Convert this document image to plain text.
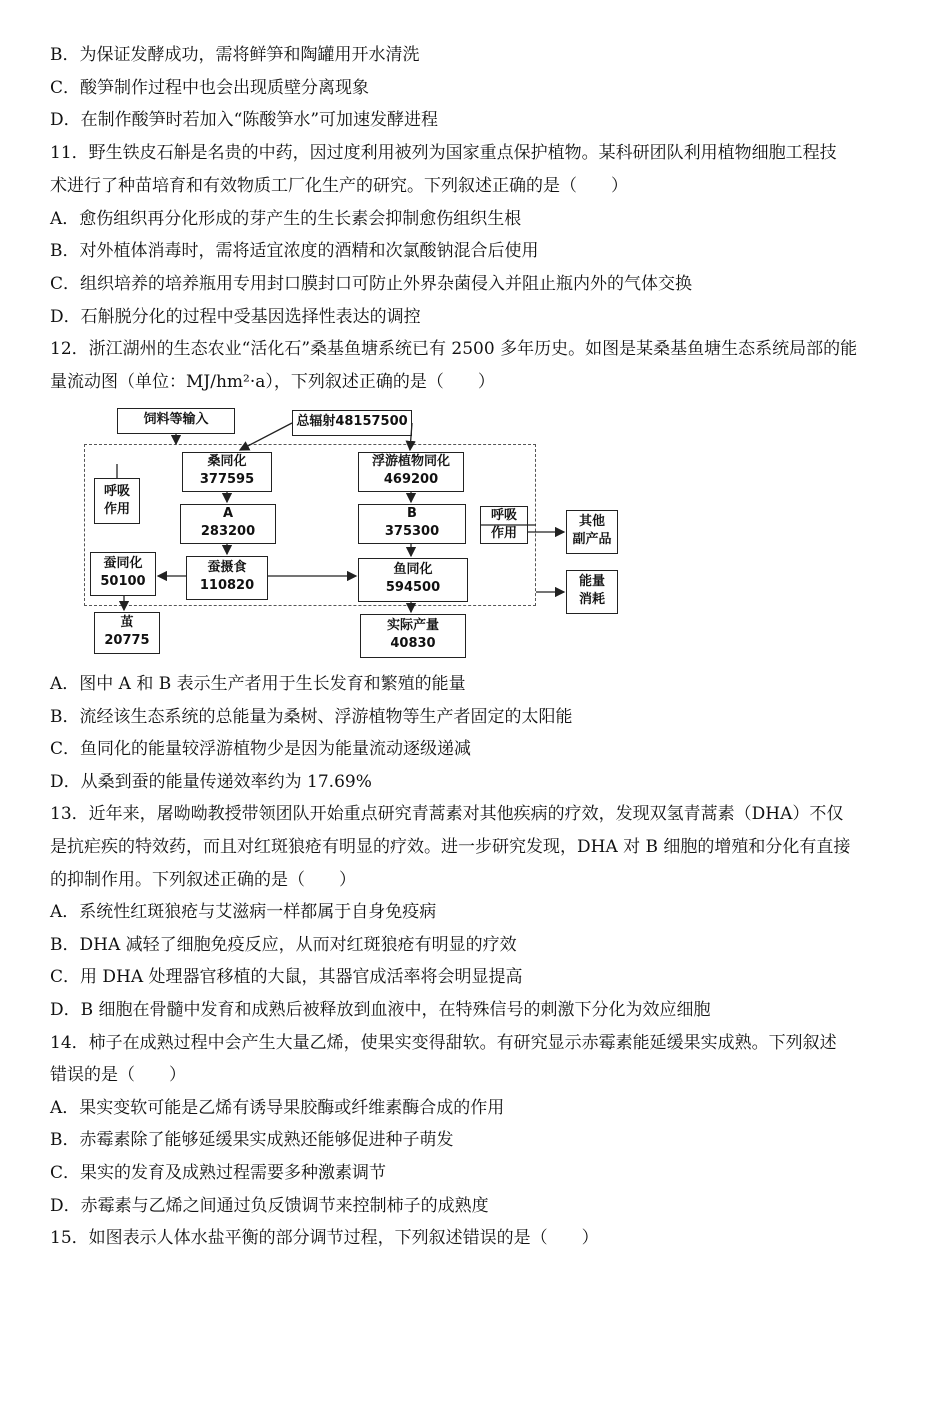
B．为保证发酵成功，需将鲜笋和陶罐用开水清洗
C．酸笋制作过程中也会出现质壁分离现象
D．在制作酸笋时若加入“陈酸笋水”可加速发酵进程
11．野生铁皮石斛是名贵的中药，因过度利用被列为国家重点保护植物。某科研团队利用植物细胞工程技
术进行了种苗培育和有效物质工厂化生产的研究。下列叙述正确的是（　　）
A．愈伤组织再分化形成的芽产生的生长素会抑制愈伤组织生根
B．对外植体消毒时，需将适宜浓度的酒精和次氯酸钠混合后使用
C．组织培养的培养瓶用专用封口膜封口可防止外界杂菌侵入并阻止瓶内外的气体交换
D．石斛脱分化的过程中受基因选择性表达的调控
12．浙江湖州的生态农业“活化石”桑基鱼塘系统已有 2500 多年历史。如图是某桑基鱼塘生态系统局部的能
量流动图（单位：MJ/hm²·a），下列叙述正确的是（　　）
饲料等输入	总辐射48157500
桑同化
377595
浮游植物同化
469200
呼吸
作用	A
283200
B
375300
呼吸
作用
其他
副产品
蚕同化
50100
蚕摄食
110820
鱼同化
594500	能量
消耗
茧
20775
实际产量
40830
A．图中 A 和 B 表示生产者用于生长发育和繁殖的能量
B．流经该生态系统的总能量为桑树、浮游植物等生产者固定的太阳能
C．鱼同化的能量较浮游植物少是因为能量流动逐级递减
D．从桑到蚕的能量传递效率约为 17.69%
13．近年来，屠呦呦教授带领团队开始重点研究青蒿素对其他疾病的疗效，发现双氢青蒿素（DHA）不仅
是抗疟疾的特效药，而且对红斑狼疮有明显的疗效。进一步研究发现，DHA 对 B 细胞的增殖和分化有直接
的抑制作用。下列叙述正确的是（　　）
A．系统性红斑狼疮与艾滋病一样都属于自身免疫病
B．DHA 减轻了细胞免疫反应，从而对红斑狼疮有明显的疗效
C．用 DHA 处理器官移植的大鼠，其器官成活率将会明显提高
D．B 细胞在骨髓中发育和成熟后被释放到血液中，在特殊信号的刺激下分化为效应细胞
14．柿子在成熟过程中会产生大量乙烯，使果实变得甜软。有研究显示赤霉素能延缓果实成熟。下列叙述
错误的是（　　）
A．果实变软可能是乙烯有诱导果胶酶或纤维素酶合成的作用
B．赤霉素除了能够延缓果实成熟还能够促进种子萌发
C．果实的发育及成熟过程需要多种激素调节
D．赤霉素与乙烯之间通过负反馈调节来控制柿子的成熟度
15．如图表示人体水盐平衡的部分调节过程，下列叙述错误的是（　　）
